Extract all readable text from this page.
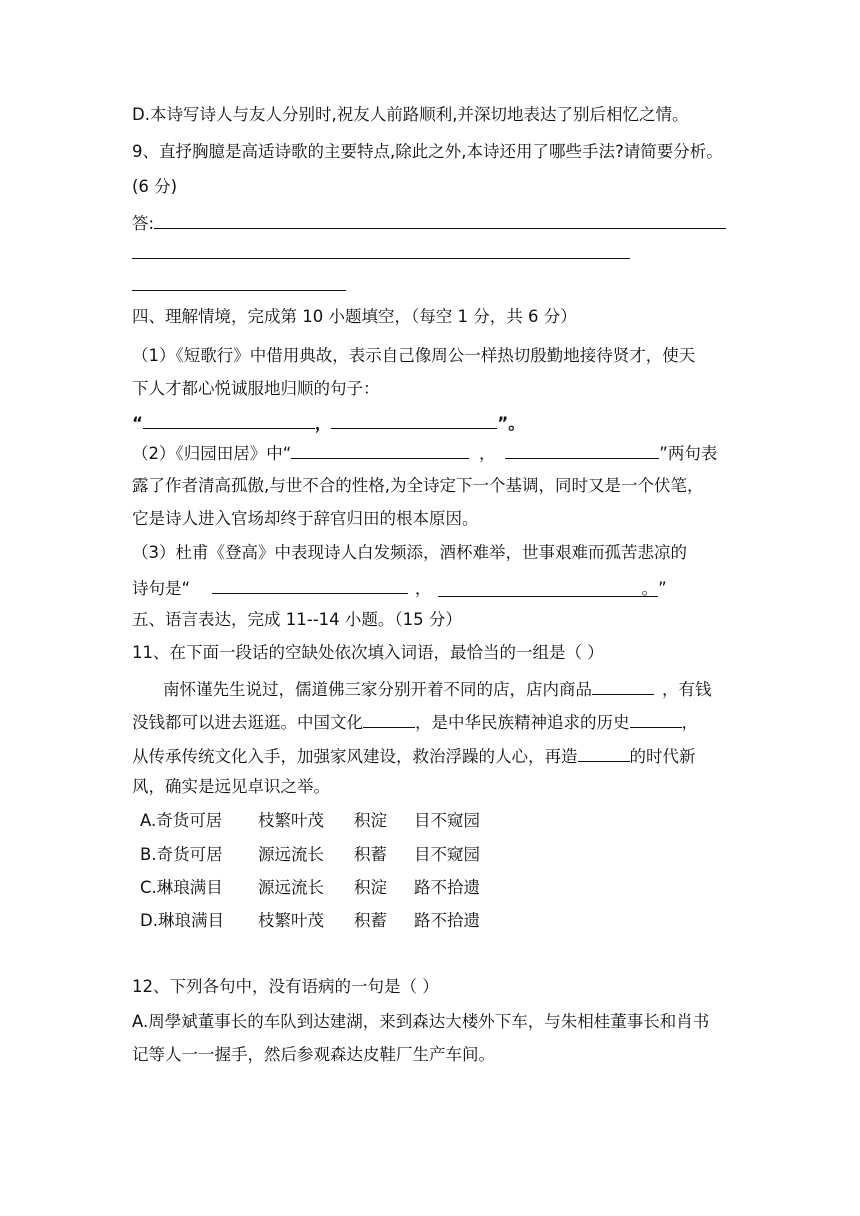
D.本诗写诗人与友人分别时,祝友人前路顺利,并深切地表达了别后相忆之情。
9、直抒胸臆是高适诗歌的主要特点,除此之外,本诗还用了哪些手法?请简要分析。
(6 分)
答:
四、理解情境，完成第 10 小题填空，（每空 1 分，共 6 分）
（1）《短歌行》中借用典故，表示自己像周公一样热切殷勤地接待贤才，使天
下人才都心悦诚服地归顺的句子：
“	，	”。
（2）《归园田居》中“	，	”两句表
露了作者清高孤傲,与世不合的性格,为全诗定下一个基调，同时又是一个伏笔，
它是诗人进入官场却终于辞官归田的根本原因。
（3）杜甫《登高》中表现诗人白发频添，酒杯难举，世事艰难而孤苦悲凉的
诗句是“	，	。”
五、语言表达，完成 11--14 小题。（15 分）
11、在下面一段话的空缺处依次填入词语，最恰当的一组是（ ）
南怀谨先生说过，儒道佛三家分别开着不同的店，店内商品	，有钱
没钱都可以进去逛逛。中国文化	，是中华民族精神追求的历史	，
从传承传统文化入手，加强家风建设，救治浮躁的人心，再造	的时代新
风，确实是远见卓识之举。
A.奇货可居 枝繁叶茂 积淀 目不窥园
B.奇货可居 源远流长 积蓄 目不窥园
C.琳琅满目 源远流长 积淀 路不拾遗
D.琳琅满目 枝繁叶茂 积蓄 路不拾遗
12、下列各句中，没有语病的一句是（ ）
A.周學斌董事长的车队到达建湖，来到森达大楼外下车，与朱相桂董事长和肖书
记等人一一握手，然后参观森达皮鞋厂生产车间。
